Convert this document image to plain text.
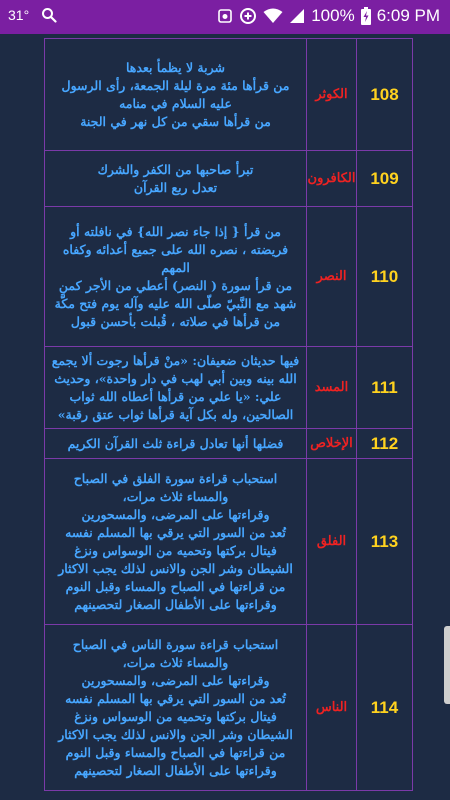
31°	100% 6:09 PM
شربة لا يظمأ بعدها
من قرأها مئة مرة ليلة الجمعة، رأى الرسول عليه السلام في منامه
من قرأها سقي من كل نهر في الجنة	الكوثر	108

تبرأ صاحبها من الكفر والشرك
تعدل ربع القرآن	الكافرون	109

من قرأ { إذا جاء نصر الله} في نافلته أو فريضته ، نصره الله على جميع أعدائه وكفاه المهم
من قرأ سورة ( النصر) أعطي من الأجر كمن شهد مع النَّبيّ صلّى الله عليه وآله يوم فتح مكَّة
من قرأها في صلاته ، قُبلت بأحسن قبول	النصر	110

فيها حديثان ضعيفان: «منْ قرأها رجوت ألا يجمع الله بينه وبين أبي لهب في دار واحدة»، وحديث علي: «يا علي من قرأها أعطاه الله ثواب الصالحين، وله بكل آية قرأها ثواب عتق رقبة»	المسد	111

فضلها أنها تعادل قراءة ثلث القرآن الكريم	الإخلاص	112

استحباب قراءة سورة الفلق في الصباح والمساء ثلاث مرات،
وقراءتها على المرضى، والمسحورين
تُعد من السور التي يرقي بها المسلم نفسه فيتال بركتها وتحميه من الوسواس ونزغ الشيطان وشر الجن والانس لذلك يجب الاكثار من قراءتها في الصباح والمساء وقبل النوم وقراءتها على الأطفال الصغار لتحصينهم	الفلق	113

استحباب قراءة سورة الناس في الصباح والمساء ثلاث مرات،
وقراءتها على المرضى، والمسحورين
تُعد من السور التي يرقي بها المسلم نفسه فيتال بركتها وتحميه من الوسواس ونزغ الشيطان وشر الجن والانس لذلك يجب الاكثار من قراءتها في الصباح والمساء وقبل النوم وقراءتها على الأطفال الصغار لتحصينهم	الناس	114
